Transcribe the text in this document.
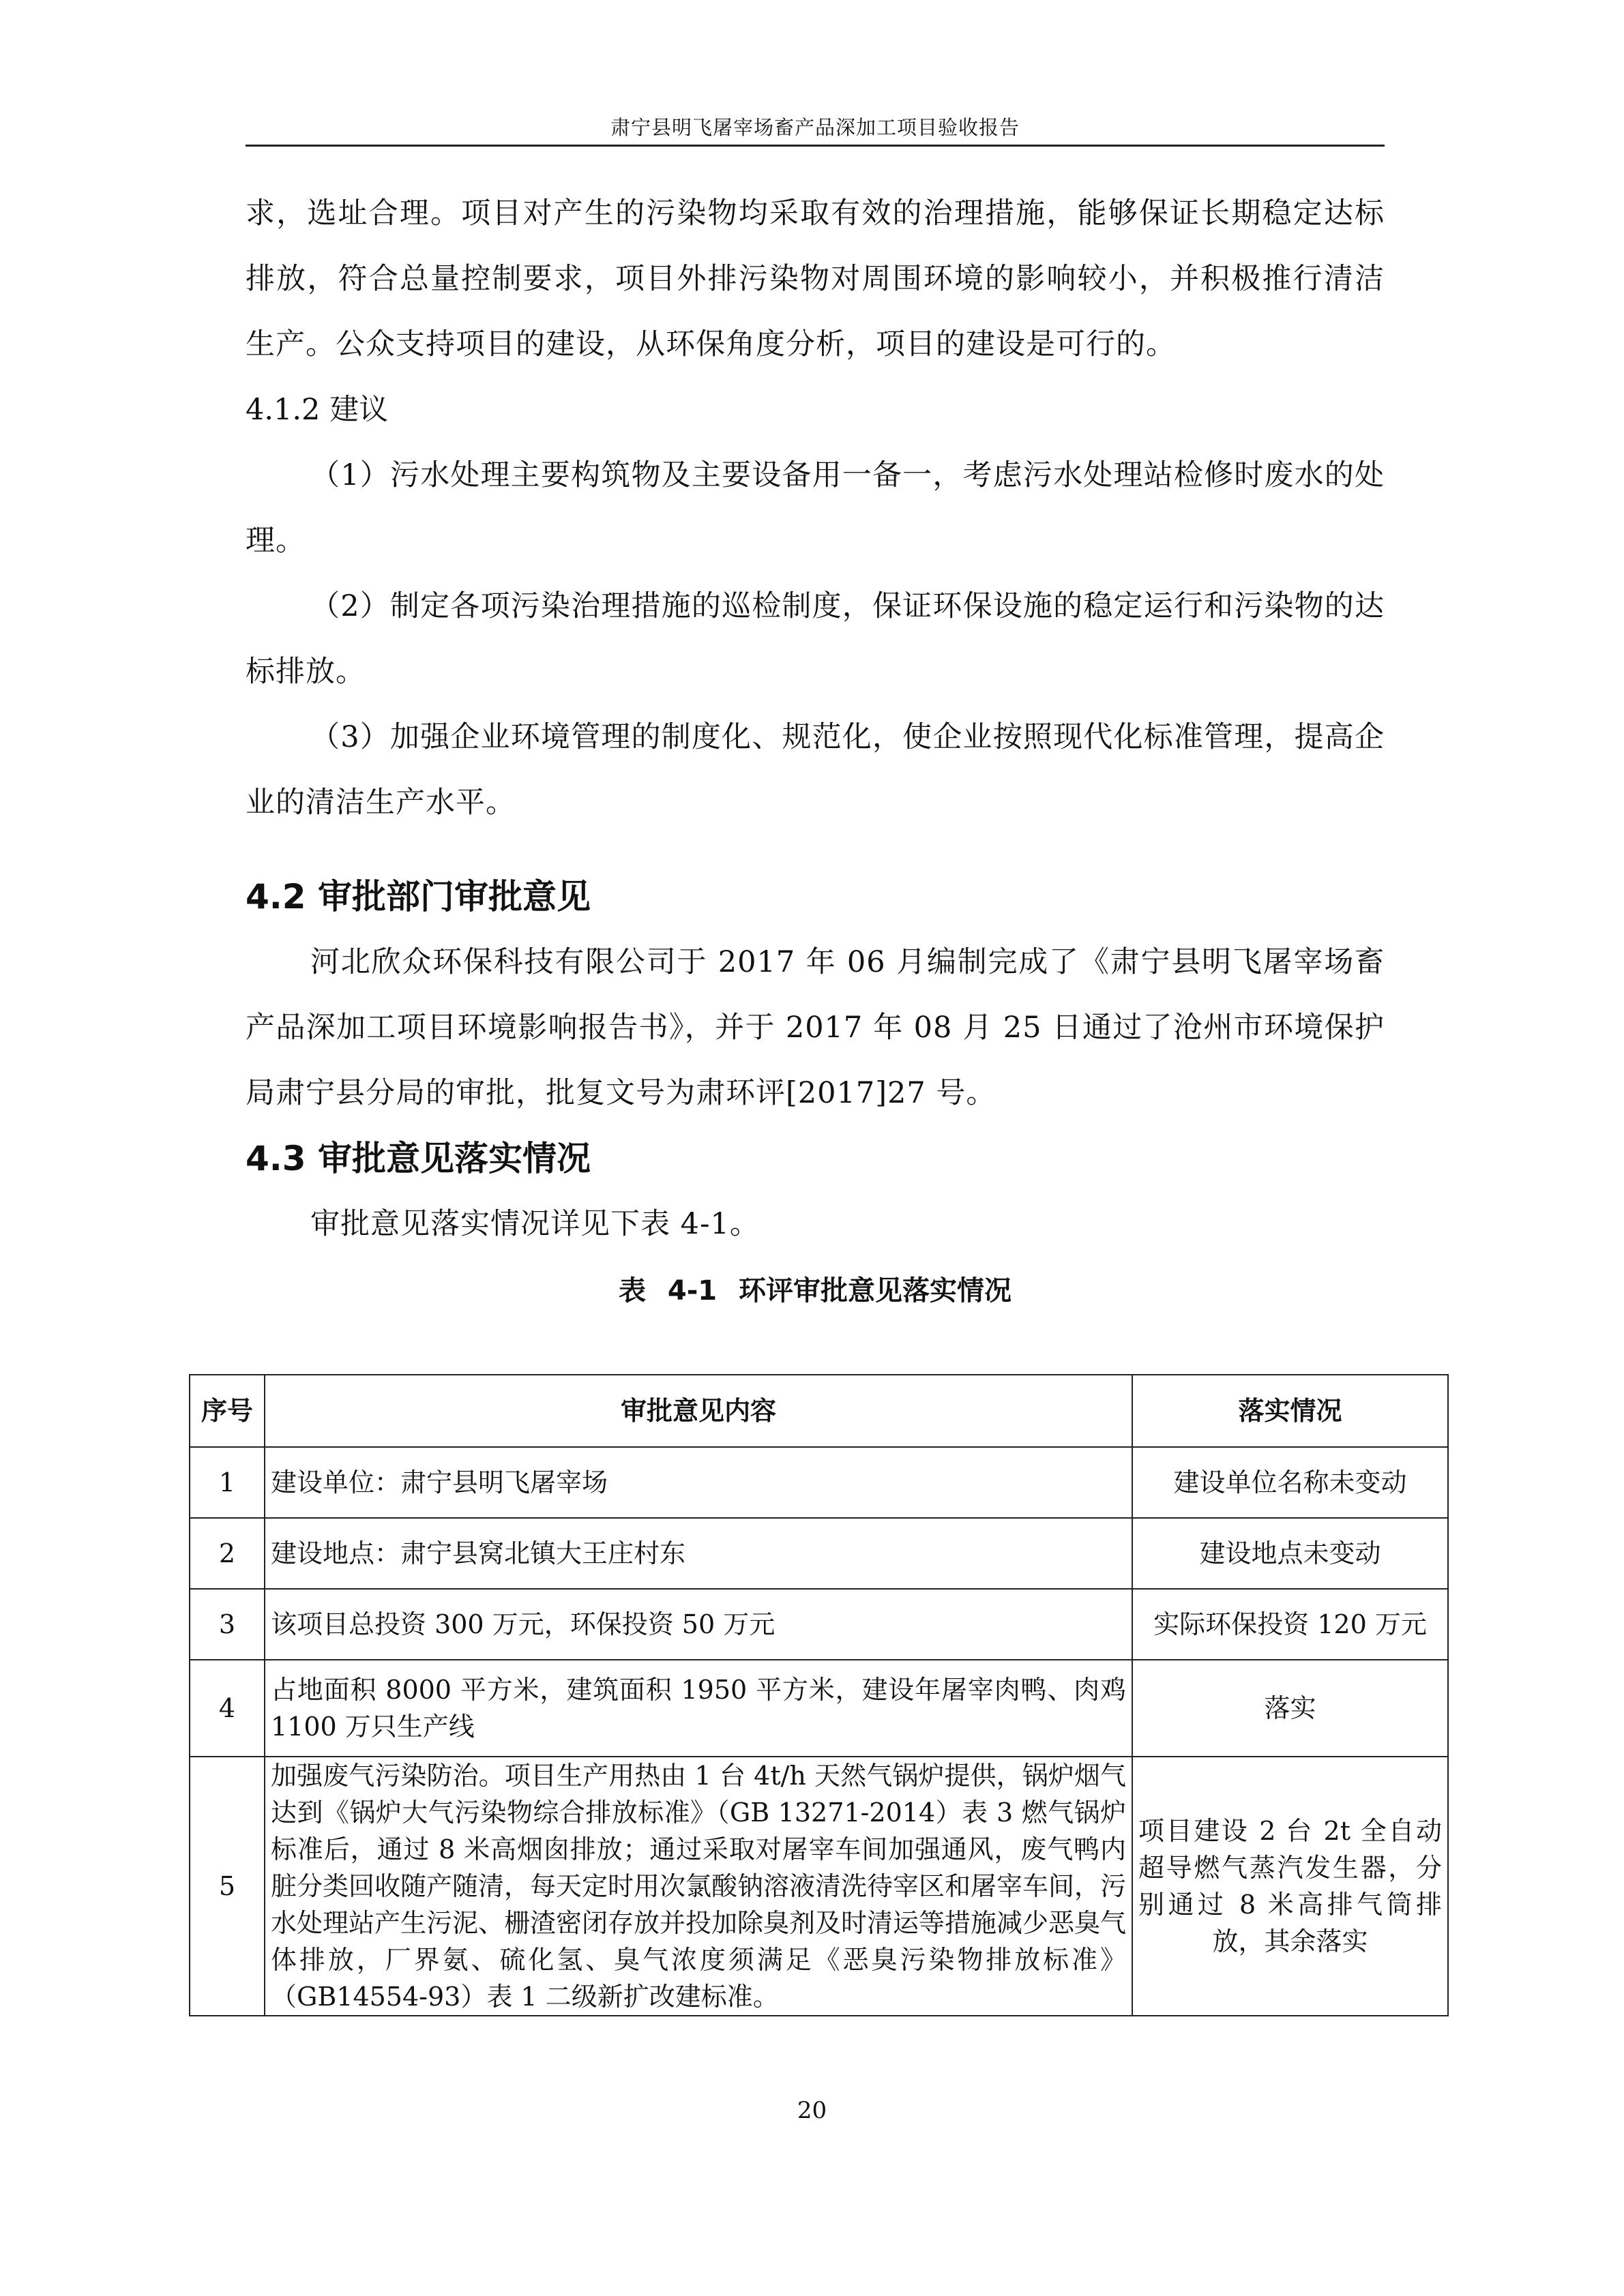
肃宁县明飞屠宰场畜产品深加工项目验收报告

求，选址合理。项目对产生的污染物均采取有效的治理措施，能够保证长期稳定达标排放，符合总量控制要求，项目外排污染物对周围环境的影响较小，并积极推行清洁生产。公众支持项目的建设，从环保角度分析，项目的建设是可行的。

4.1.2 建议

（1）污水处理主要构筑物及主要设备用一备一，考虑污水处理站检修时废水的处理。

（2）制定各项污染治理措施的巡检制度，保证环保设施的稳定运行和污染物的达标排放。

（3）加强企业环境管理的制度化、规范化，使企业按照现代化标准管理，提高企业的清洁生产水平。

4.2 审批部门审批意见

河北欣众环保科技有限公司于 2017 年 06 月编制完成了《肃宁县明飞屠宰场畜产品深加工项目环境影响报告书》，并于 2017 年 08 月 25 日通过了沧州市环境保护局肃宁县分局的审批，批复文号为肃环评[2017]27 号。

4.3 审批意见落实情况

审批意见落实情况详见下表 4-1。

表 4-1 环评审批意见落实情况

序号	审批意见内容	落实情况
1	建设单位：肃宁县明飞屠宰场	建设单位名称未变动
2	建设地点：肃宁县窝北镇大王庄村东	建设地点未变动
3	该项目总投资 300 万元，环保投资 50 万元	实际环保投资 120 万元
4	占地面积 8000 平方米，建筑面积 1950 平方米，建设年屠宰肉鸭、肉鸡 1100 万只生产线	落实
5	加强废气污染防治。项目生产用热由 1 台 4t/h 天然气锅炉提供，锅炉烟气达到《锅炉大气污染物综合排放标准》（GB 13271-2014）表 3 燃气锅炉标准后，通过 8 米高烟囱排放；通过采取对屠宰车间加强通风，废气鸭内脏分类回收随产随清，每天定时用次氯酸钠溶液清洗待宰区和屠宰车间，污水处理站产生污泥、栅渣密闭存放并投加除臭剂及时清运等措施减少恶臭气体排放，厂界氨、硫化氢、臭气浓度须满足《恶臭污染物排放标准》（GB14554-93）表 1 二级新扩改建标准。	项目建设 2 台 2t 全自动超导燃气蒸汽发生器，分别通过 8 米高排气筒排放，其余落实
20
